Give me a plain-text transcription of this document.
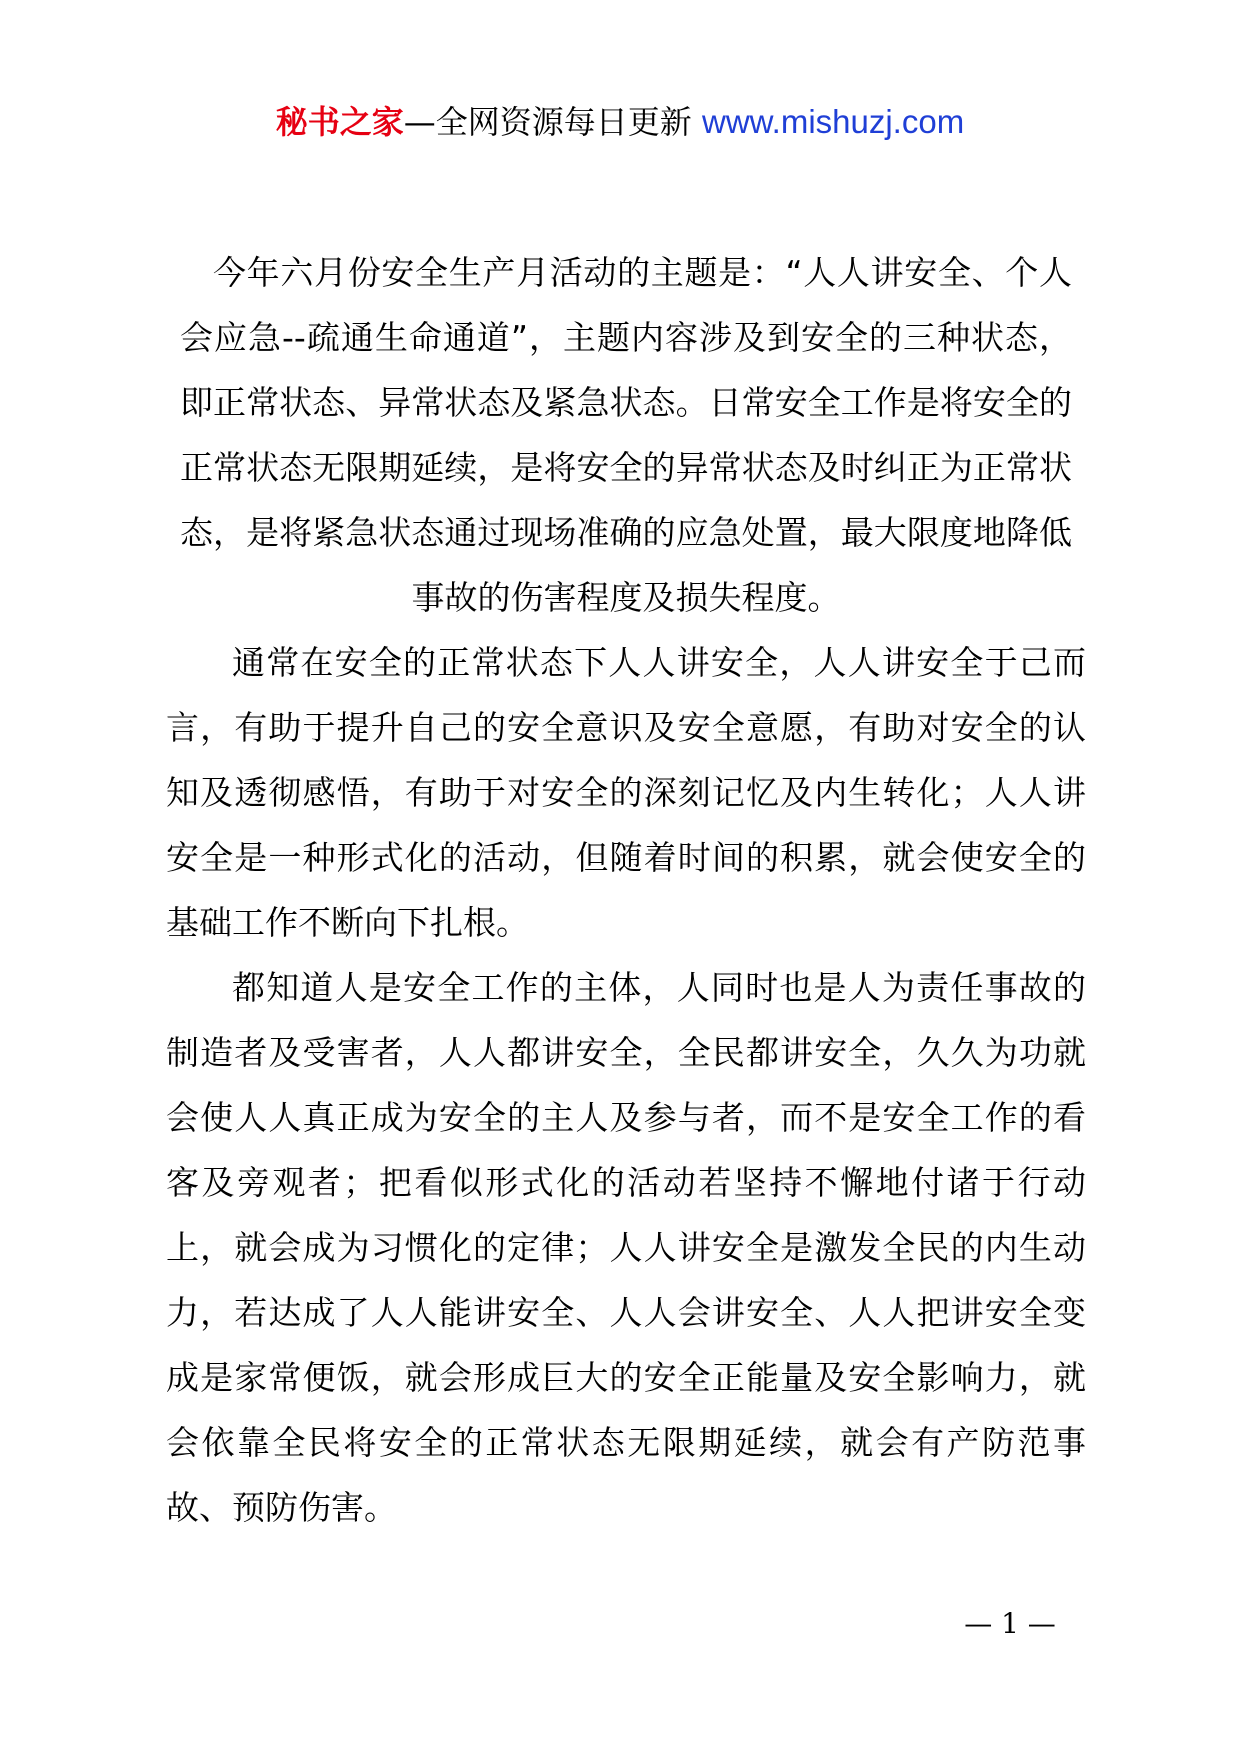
秘书之家—全网资源每日更新 www.mishuzj.com

今年六月份安全生产月活动的主题是：“人人讲安全、个人会应急--疏通生命通道”，主题内容涉及到安全的三种状态，即正常状态、异常状态及紧急状态。日常安全工作是将安全的正常状态无限期延续，是将安全的异常状态及时纠正为正常状态，是将紧急状态通过现场准确的应急处置，最大限度地降低事故的伤害程度及损失程度。

通常在安全的正常状态下人人讲安全，人人讲安全于己而言，有助于提升自己的安全意识及安全意愿，有助对安全的认知及透彻感悟，有助于对安全的深刻记忆及内生转化；人人讲安全是一种形式化的活动，但随着时间的积累，就会使安全的基础工作不断向下扎根。

都知道人是安全工作的主体，人同时也是人为责任事故的制造者及受害者，人人都讲安全，全民都讲安全，久久为功就会使人人真正成为安全的主人及参与者，而不是安全工作的看客及旁观者；把看似形式化的活动若坚持不懈地付诸于行动上，就会成为习惯化的定律；人人讲安全是激发全民的内生动力，若达成了人人能讲安全、人人会讲安全、人人把讲安全变成是家常便饭，就会形成巨大的安全正能量及安全影响力，就会依靠全民将安全的正常状态无限期延续，就会有产防范事故、预防伤害。

— 1 —
